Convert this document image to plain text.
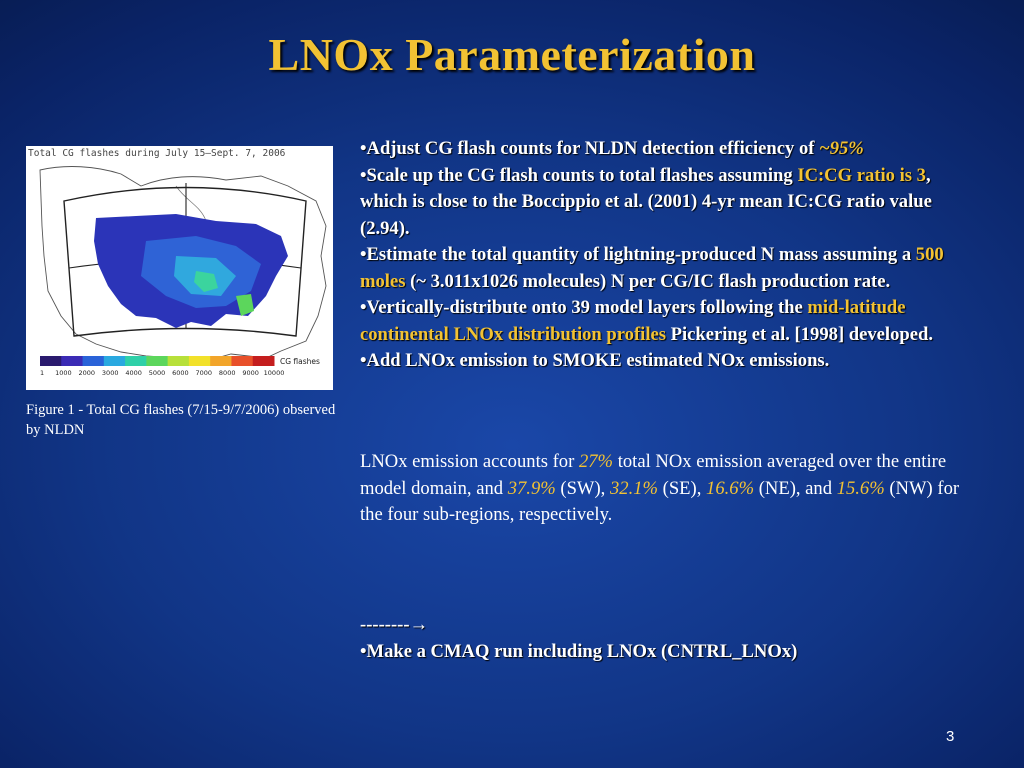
LNOx Parameterization
Total CG flashes during July 15—Sept. 7, 2006
CG flashes
1 1000 2000 3000 4000 5000 6000 7000 8000 9000 10000
Figure 1 - Total CG flashes (7/15-9/7/2006) observed by NLDN

•Adjust CG flash counts for NLDN detection efficiency of ~95%

•Scale up the CG flash counts to total flashes assuming IC:CG ratio is 3, which is close to the Boccippio et al. (2001) 4-yr mean IC:CG ratio value (2.94).

•Estimate the total quantity of lightning-produced N mass assuming a 500 moles (~ 3.011x1026 molecules) N per CG/IC flash production rate.

•Vertically-distribute onto 39 model layers following the mid-latitude continental LNOx distribution profiles Pickering et al. [1998] developed.

•Add LNOx emission to SMOKE estimated NOx emissions.

LNOx emission accounts for 27% total NOx emission averaged over the entire model domain, and 37.9% (SW), 32.1% (SE), 16.6% (NE), and 15.6% (NW) for the four sub-regions, respectively.

--------→

•Make a CMAQ run including LNOx (CNTRL_LNOx)

3
